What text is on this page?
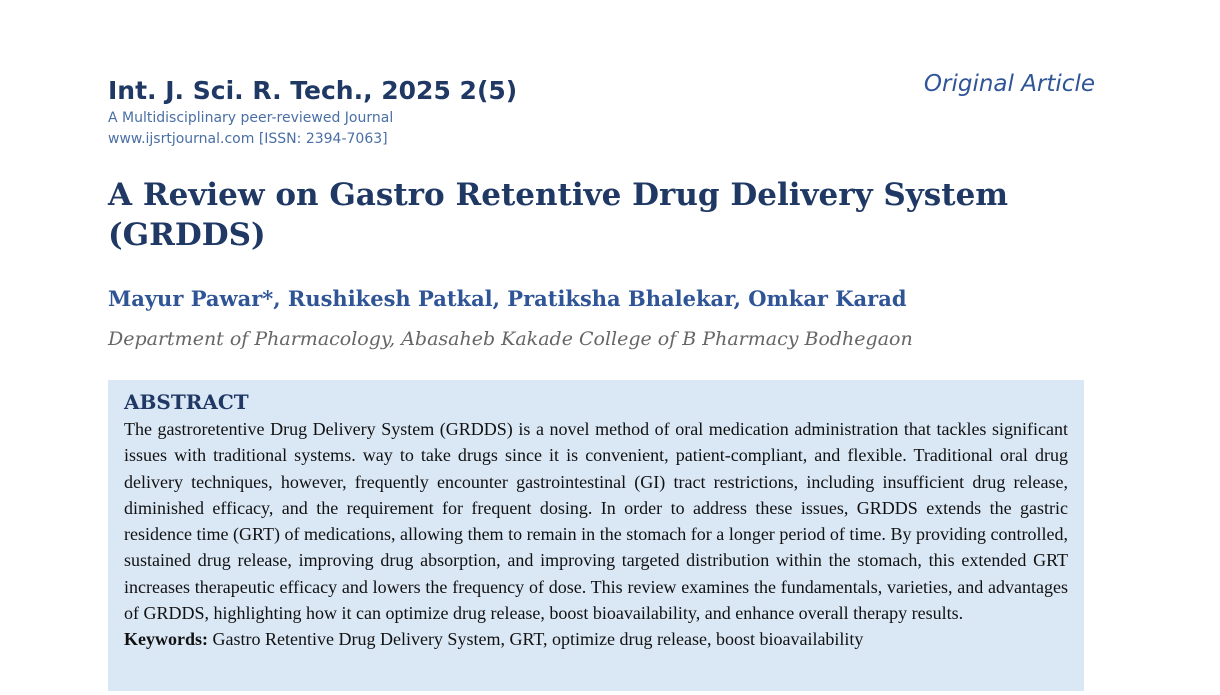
Int. J. Sci. R. Tech., 2025 2(5)

A Multidisciplinary peer-reviewed Journal

www.ijsrtjournal.com [ISSN: 2394-7063]

Original Article
A Review on Gastro Retentive Drug Delivery System (GRDDS)

Mayur Pawar*, Rushikesh Patkal, Pratiksha Bhalekar, Omkar Karad

Department of Pharmacology, Abasaheb Kakade College of B Pharmacy Bodhegaon

ABSTRACT

The gastroretentive Drug Delivery System (GRDDS) is a novel method of oral medication administration that tackles significant issues with traditional systems. way to take drugs since it is convenient, patient-compliant, and flexible. Traditional oral drug delivery techniques, however, frequently encounter gastrointestinal (GI) tract restrictions, including insufficient drug release, diminished efficacy, and the requirement for frequent dosing. In order to address these issues, GRDDS extends the gastric residence time (GRT) of medications, allowing them to remain in the stomach for a longer period of time. By providing controlled, sustained drug release, improving drug absorption, and improving targeted distribution within the stomach, this extended GRT increases therapeutic efficacy and lowers the frequency of dose. This review examines the fundamentals, varieties, and advantages of GRDDS, highlighting how it can optimize drug release, boost bioavailability, and enhance overall therapy results.

Keywords: Gastro Retentive Drug Delivery System, GRT, optimize drug release, boost bioavailability
